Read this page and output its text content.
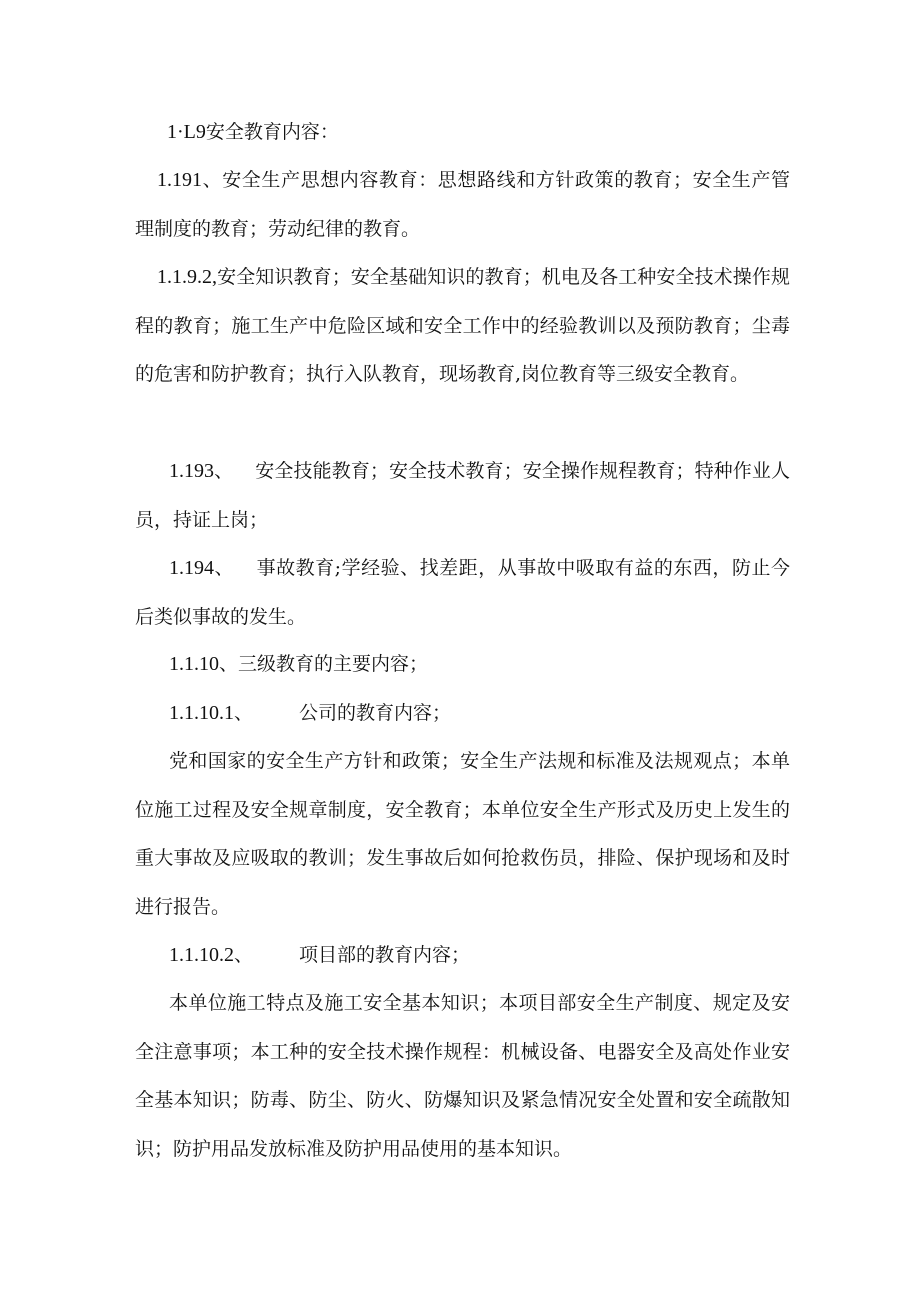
1·L9安全教育内容：

1.191、安全生产思想内容教育：思想路线和方针政策的教育；安全生产管理制度的教育；劳动纪律的教育。

1.1.9.2,安全知识教育；安全基础知识的教育；机电及各工种安全技术操作规程的教育；施工生产中危险区域和安全工作中的经验教训以及预防教育；尘毒的危害和防护教育；执行入队教育，现场教育,岗位教育等三级安全教育。

1.193、 安全技能教育；安全技术教育；安全操作规程教育；特种作业人员，持证上岗；

1.194、 事故教育;学经验、找差距，从事故中吸取有益的东西，防止今后类似事故的发生。

1.1.10、三级教育的主要内容；

1.1.10.1、 公司的教育内容；

党和国家的安全生产方针和政策；安全生产法规和标准及法规观点；本单位施工过程及安全规章制度，安全教育；本单位安全生产形式及历史上发生的重大事故及应吸取的教训；发生事故后如何抢救伤员，排险、保护现场和及时进行报告。

1.1.10.2、 项目部的教育内容；

本单位施工特点及施工安全基本知识；本项目部安全生产制度、规定及安全注意事项；本工种的安全技术操作规程：机械设备、电器安全及高处作业安全基本知识；防毒、防尘、防火、防爆知识及紧急情况安全处置和安全疏散知识；防护用品发放标准及防护用品使用的基本知识。
